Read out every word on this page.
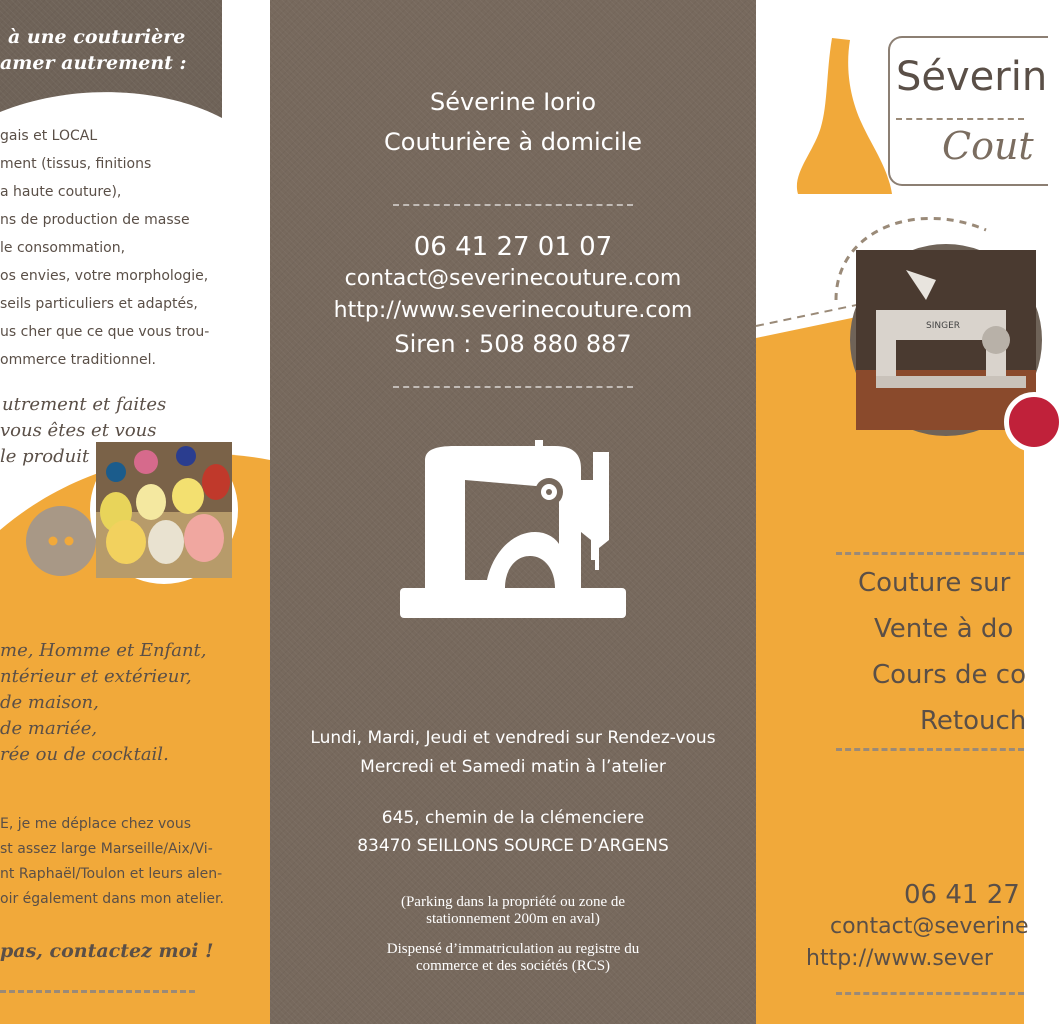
à une couturière
amer autrement :
gais et LOCAL
ment (tissus, finitions
a haute couture),
ns de production de masse
le consommation,
os envies, votre morphologie,
seils particuliers et adaptés,
us cher que ce que vous trou-
ommerce traditionnel.
utrement et faites
vous êtes et vous
le produit
me, Homme et Enfant,
ntérieur et extérieur,
de maison,
de mariée,
rée ou de cocktail.
E, je me déplace chez vous
st assez large Marseille/Aix/Vi-
nt Raphaël/Toulon et leurs alen-
oir également dans mon atelier.
pas, contactez moi !
Séverine Iorio
Couturière à domicile
06 41 27 01 07
contact@severinecouture.com
http://www.severinecouture.com
Siren : 508 880 887
Lundi, Mardi, Jeudi et vendredi sur Rendez-vous
Mercredi et Samedi matin à l’atelier
645, chemin de la clémenciere
83470 SEILLONS SOURCE D’ARGENS
(Parking dans la propriété ou zone de
stationnement 200m en aval)
Dispensé d’immatriculation au registre du
commerce et des sociétés (RCS)
Séverin
Cout
SINGER
Couture sur
Vente à do
Cours de co
Retouch
06 41 27
contact@severine
http://www.sever
